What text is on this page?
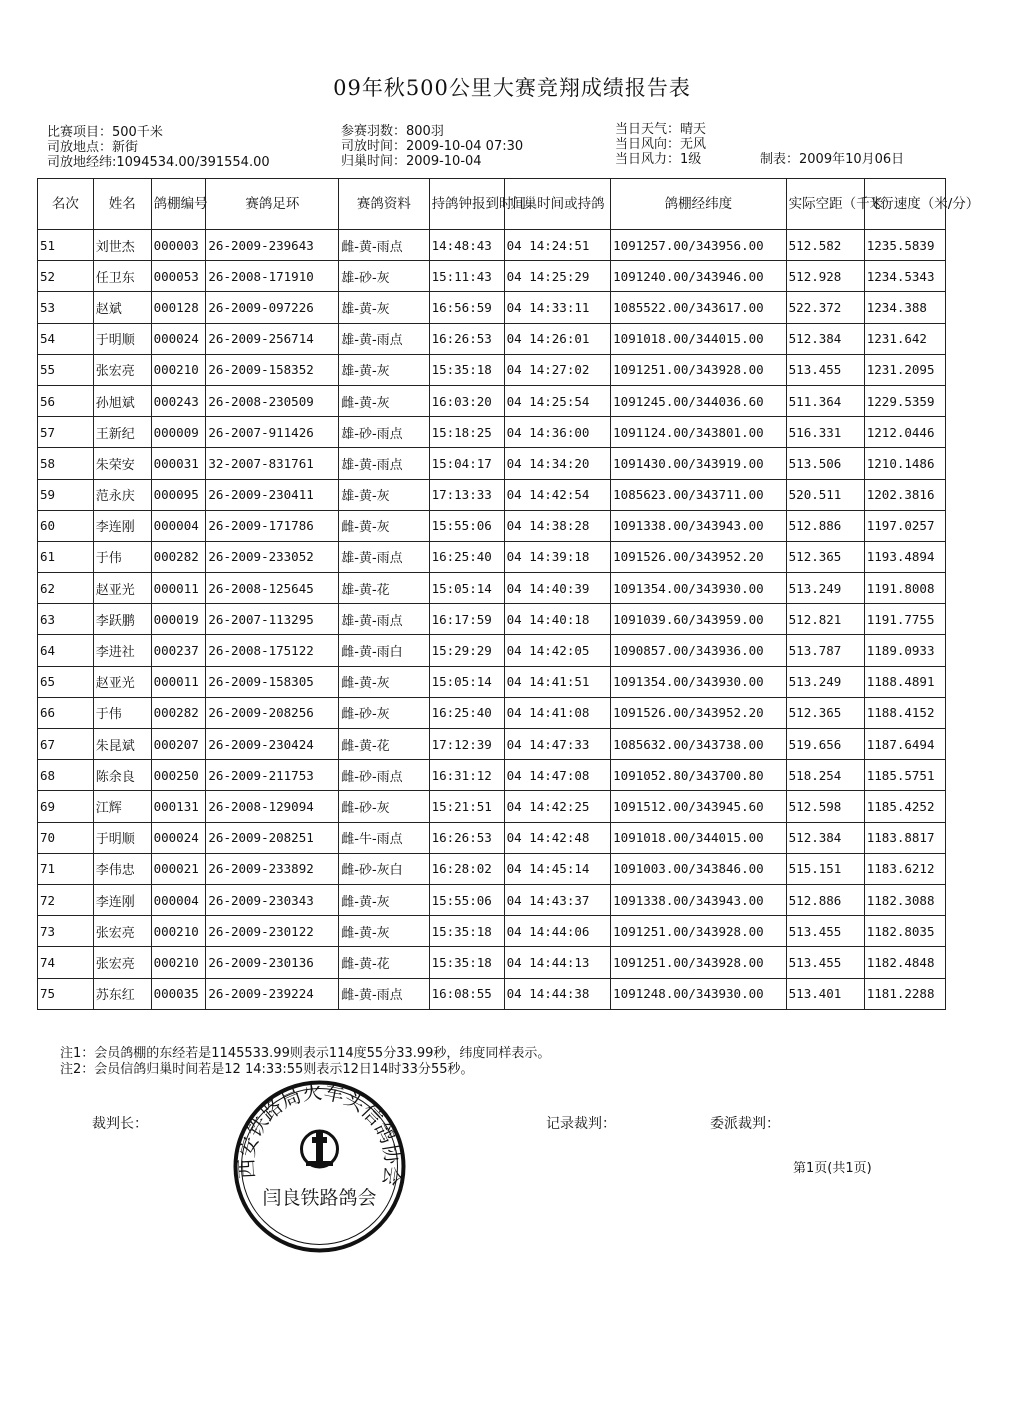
09年秋500公里大赛竞翔成绩报告表
比赛项目：500千米
司放地点：新街
司放地经纬:1094534.00/391554.00
参赛羽数：800羽
司放时间：2009-10-04 07:30
归巢时间：2009-10-04
当日天气：晴天
当日风向：无风
当日风力：1级	制表：2009年10月06日
名次	姓名	鸽棚编号	赛鸽足环	赛鸽资料	持鸽钟报到时间	归巢时间或持鸽	鸽棚经纬度	实际空距（千米）	飞行速度（米/分）
51	刘世杰	000003	26-2009-239643	雌-黄-雨点	14:48:43	04 14:24:51	1091257.00/343956.00	512.582	1235.5839
52	任卫东	000053	26-2008-171910	雄-砂-灰	15:11:43	04 14:25:29	1091240.00/343946.00	512.928	1234.5343
53	赵斌	000128	26-2009-097226	雄-黄-灰	16:56:59	04 14:33:11	1085522.00/343617.00	522.372	1234.388
54	于明顺	000024	26-2009-256714	雄-黄-雨点	16:26:53	04 14:26:01	1091018.00/344015.00	512.384	1231.642
55	张宏亮	000210	26-2009-158352	雄-黄-灰	15:35:18	04 14:27:02	1091251.00/343928.00	513.455	1231.2095
56	孙旭斌	000243	26-2008-230509	雌-黄-灰	16:03:20	04 14:25:54	1091245.00/344036.60	511.364	1229.5359
57	王新纪	000009	26-2007-911426	雄-砂-雨点	15:18:25	04 14:36:00	1091124.00/343801.00	516.331	1212.0446
58	朱荣安	000031	32-2007-831761	雄-黄-雨点	15:04:17	04 14:34:20	1091430.00/343919.00	513.506	1210.1486
59	范永庆	000095	26-2009-230411	雄-黄-灰	17:13:33	04 14:42:54	1085623.00/343711.00	520.511	1202.3816
60	李连刚	000004	26-2009-171786	雌-黄-灰	15:55:06	04 14:38:28	1091338.00/343943.00	512.886	1197.0257
61	于伟	000282	26-2009-233052	雄-黄-雨点	16:25:40	04 14:39:18	1091526.00/343952.20	512.365	1193.4894
62	赵亚光	000011	26-2008-125645	雄-黄-花	15:05:14	04 14:40:39	1091354.00/343930.00	513.249	1191.8008
63	李跃鹏	000019	26-2007-113295	雄-黄-雨点	16:17:59	04 14:40:18	1091039.60/343959.00	512.821	1191.7755
64	李进社	000237	26-2008-175122	雌-黄-雨白	15:29:29	04 14:42:05	1090857.00/343936.00	513.787	1189.0933
65	赵亚光	000011	26-2009-158305	雌-黄-灰	15:05:14	04 14:41:51	1091354.00/343930.00	513.249	1188.4891
66	于伟	000282	26-2009-208256	雌-砂-灰	16:25:40	04 14:41:08	1091526.00/343952.20	512.365	1188.4152
67	朱昆斌	000207	26-2009-230424	雌-黄-花	17:12:39	04 14:47:33	1085632.00/343738.00	519.656	1187.6494
68	陈余良	000250	26-2009-211753	雌-砂-雨点	16:31:12	04 14:47:08	1091052.80/343700.80	518.254	1185.5751
69	江辉	000131	26-2008-129094	雌-砂-灰	15:21:51	04 14:42:25	1091512.00/343945.60	512.598	1185.4252
70	于明顺	000024	26-2009-208251	雌-牛-雨点	16:26:53	04 14:42:48	1091018.00/344015.00	512.384	1183.8817
71	李伟忠	000021	26-2009-233892	雌-砂-灰白	16:28:02	04 14:45:14	1091003.00/343846.00	515.151	1183.6212
72	李连刚	000004	26-2009-230343	雌-黄-灰	15:55:06	04 14:43:37	1091338.00/343943.00	512.886	1182.3088
73	张宏亮	000210	26-2009-230122	雌-黄-灰	15:35:18	04 14:44:06	1091251.00/343928.00	513.455	1182.8035
74	张宏亮	000210	26-2009-230136	雌-黄-花	15:35:18	04 14:44:13	1091251.00/343928.00	513.455	1182.4848
75	苏东红	000035	26-2009-239224	雌-黄-雨点	16:08:55	04 14:44:38	1091248.00/343930.00	513.401	1181.2288
注1：会员鸽棚的东经若是1145533.99则表示114度55分33.99秒，纬度同样表示。
注2：会员信鸽归巢时间若是12 14:33:55则表示12日14时33分55秒。
裁判长：	记录裁判：	委派裁判：
第1页(共1页)
西安铁路局火车头信鸽协会
闫良铁路鸽会
